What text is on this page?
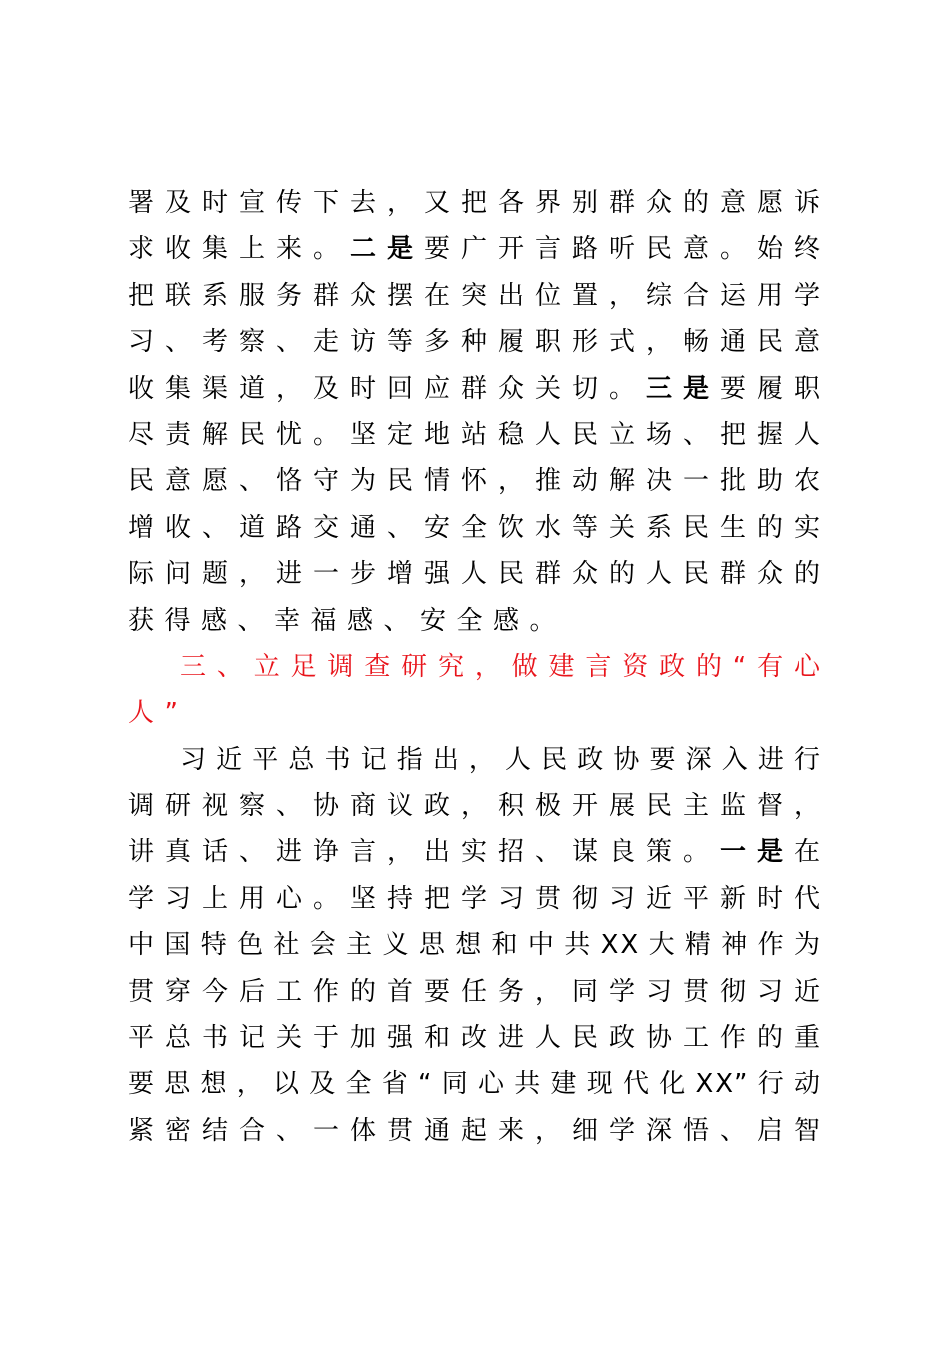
署及时宣传下去，又把各界别群众的意愿诉
求收集上来。二是要广开言路听民意。始终
把联系服务群众摆在突出位置，综合运用学
习、考察、走访等多种履职形式，畅通民意
收集渠道，及时回应群众关切。三是要履职
尽责解民忧。坚定地站稳人民立场、把握人
民意愿、恪守为民情怀，推动解决一批助农
增收、道路交通、安全饮水等关系民生的实
际问题，进一步增强人民群众的人民群众的
获得感、幸福感、安全感。
三、立足调查研究，做建言资政的“有心
人”
习近平总书记指出，人民政协要深入进行
调研视察、协商议政，积极开展民主监督，
讲真话、进诤言，出实招、谋良策。一是在
学习上用心。坚持把学习贯彻习近平新时代
中国特色社会主义思想和中共XX大精神作为
贯穿今后工作的首要任务，同学习贯彻习近
平总书记关于加强和改进人民政协工作的重
要思想，以及全省“同心共建现代化XX”行动
紧密结合、一体贯通起来，细学深悟、启智
